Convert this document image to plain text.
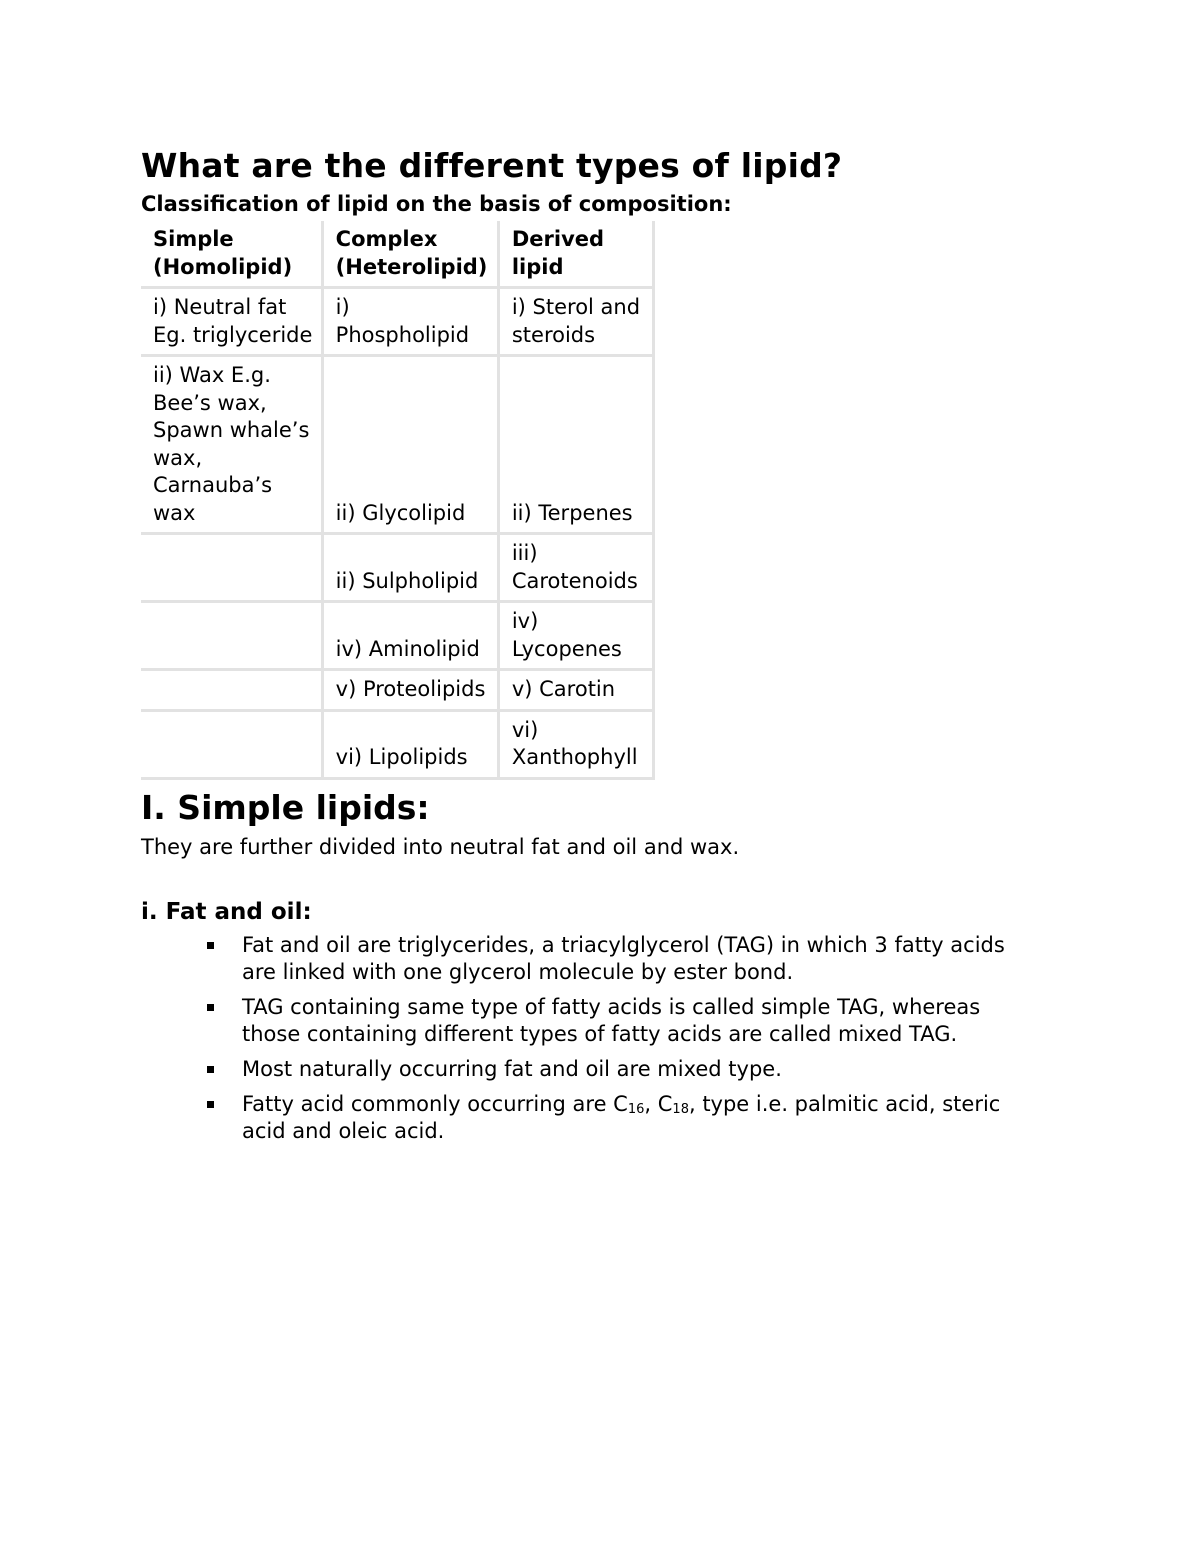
What are the different types of lipid?
Classification of lipid on the basis of composition:
Simple (Homolipid)	Complex (Heterolipid)	Derived lipid
i) Neutral fat Eg. triglyceride	i) Phospholipid	i) Sterol and steroids
ii) Wax E.g. Bee’s wax, Spawn whale’s wax, Carnauba’s wax	ii) Glycolipid	ii) Terpenes
	ii) Sulpholipid	iii) Carotenoids
	iv) Aminolipid	iv) Lycopenes
	v) Proteolipids	v) Carotin
	vi) Lipolipids	vi) Xanthophyll
I. Simple lipids:

They are further divided into neutral fat and oil and wax.

i. Fat and oil:
Fat and oil are triglycerides, a triacylglycerol (TAG) in which 3 fatty acids are linked with one glycerol molecule by ester bond.
TAG containing same type of fatty acids is called simple TAG, whereas those containing different types of fatty acids are called mixed TAG.
Most naturally occurring fat and oil are mixed type.
Fatty acid commonly occurring are $C_{16}$, $C_{18}$, type i.e. palmitic acid, steric acid and oleic acid.
